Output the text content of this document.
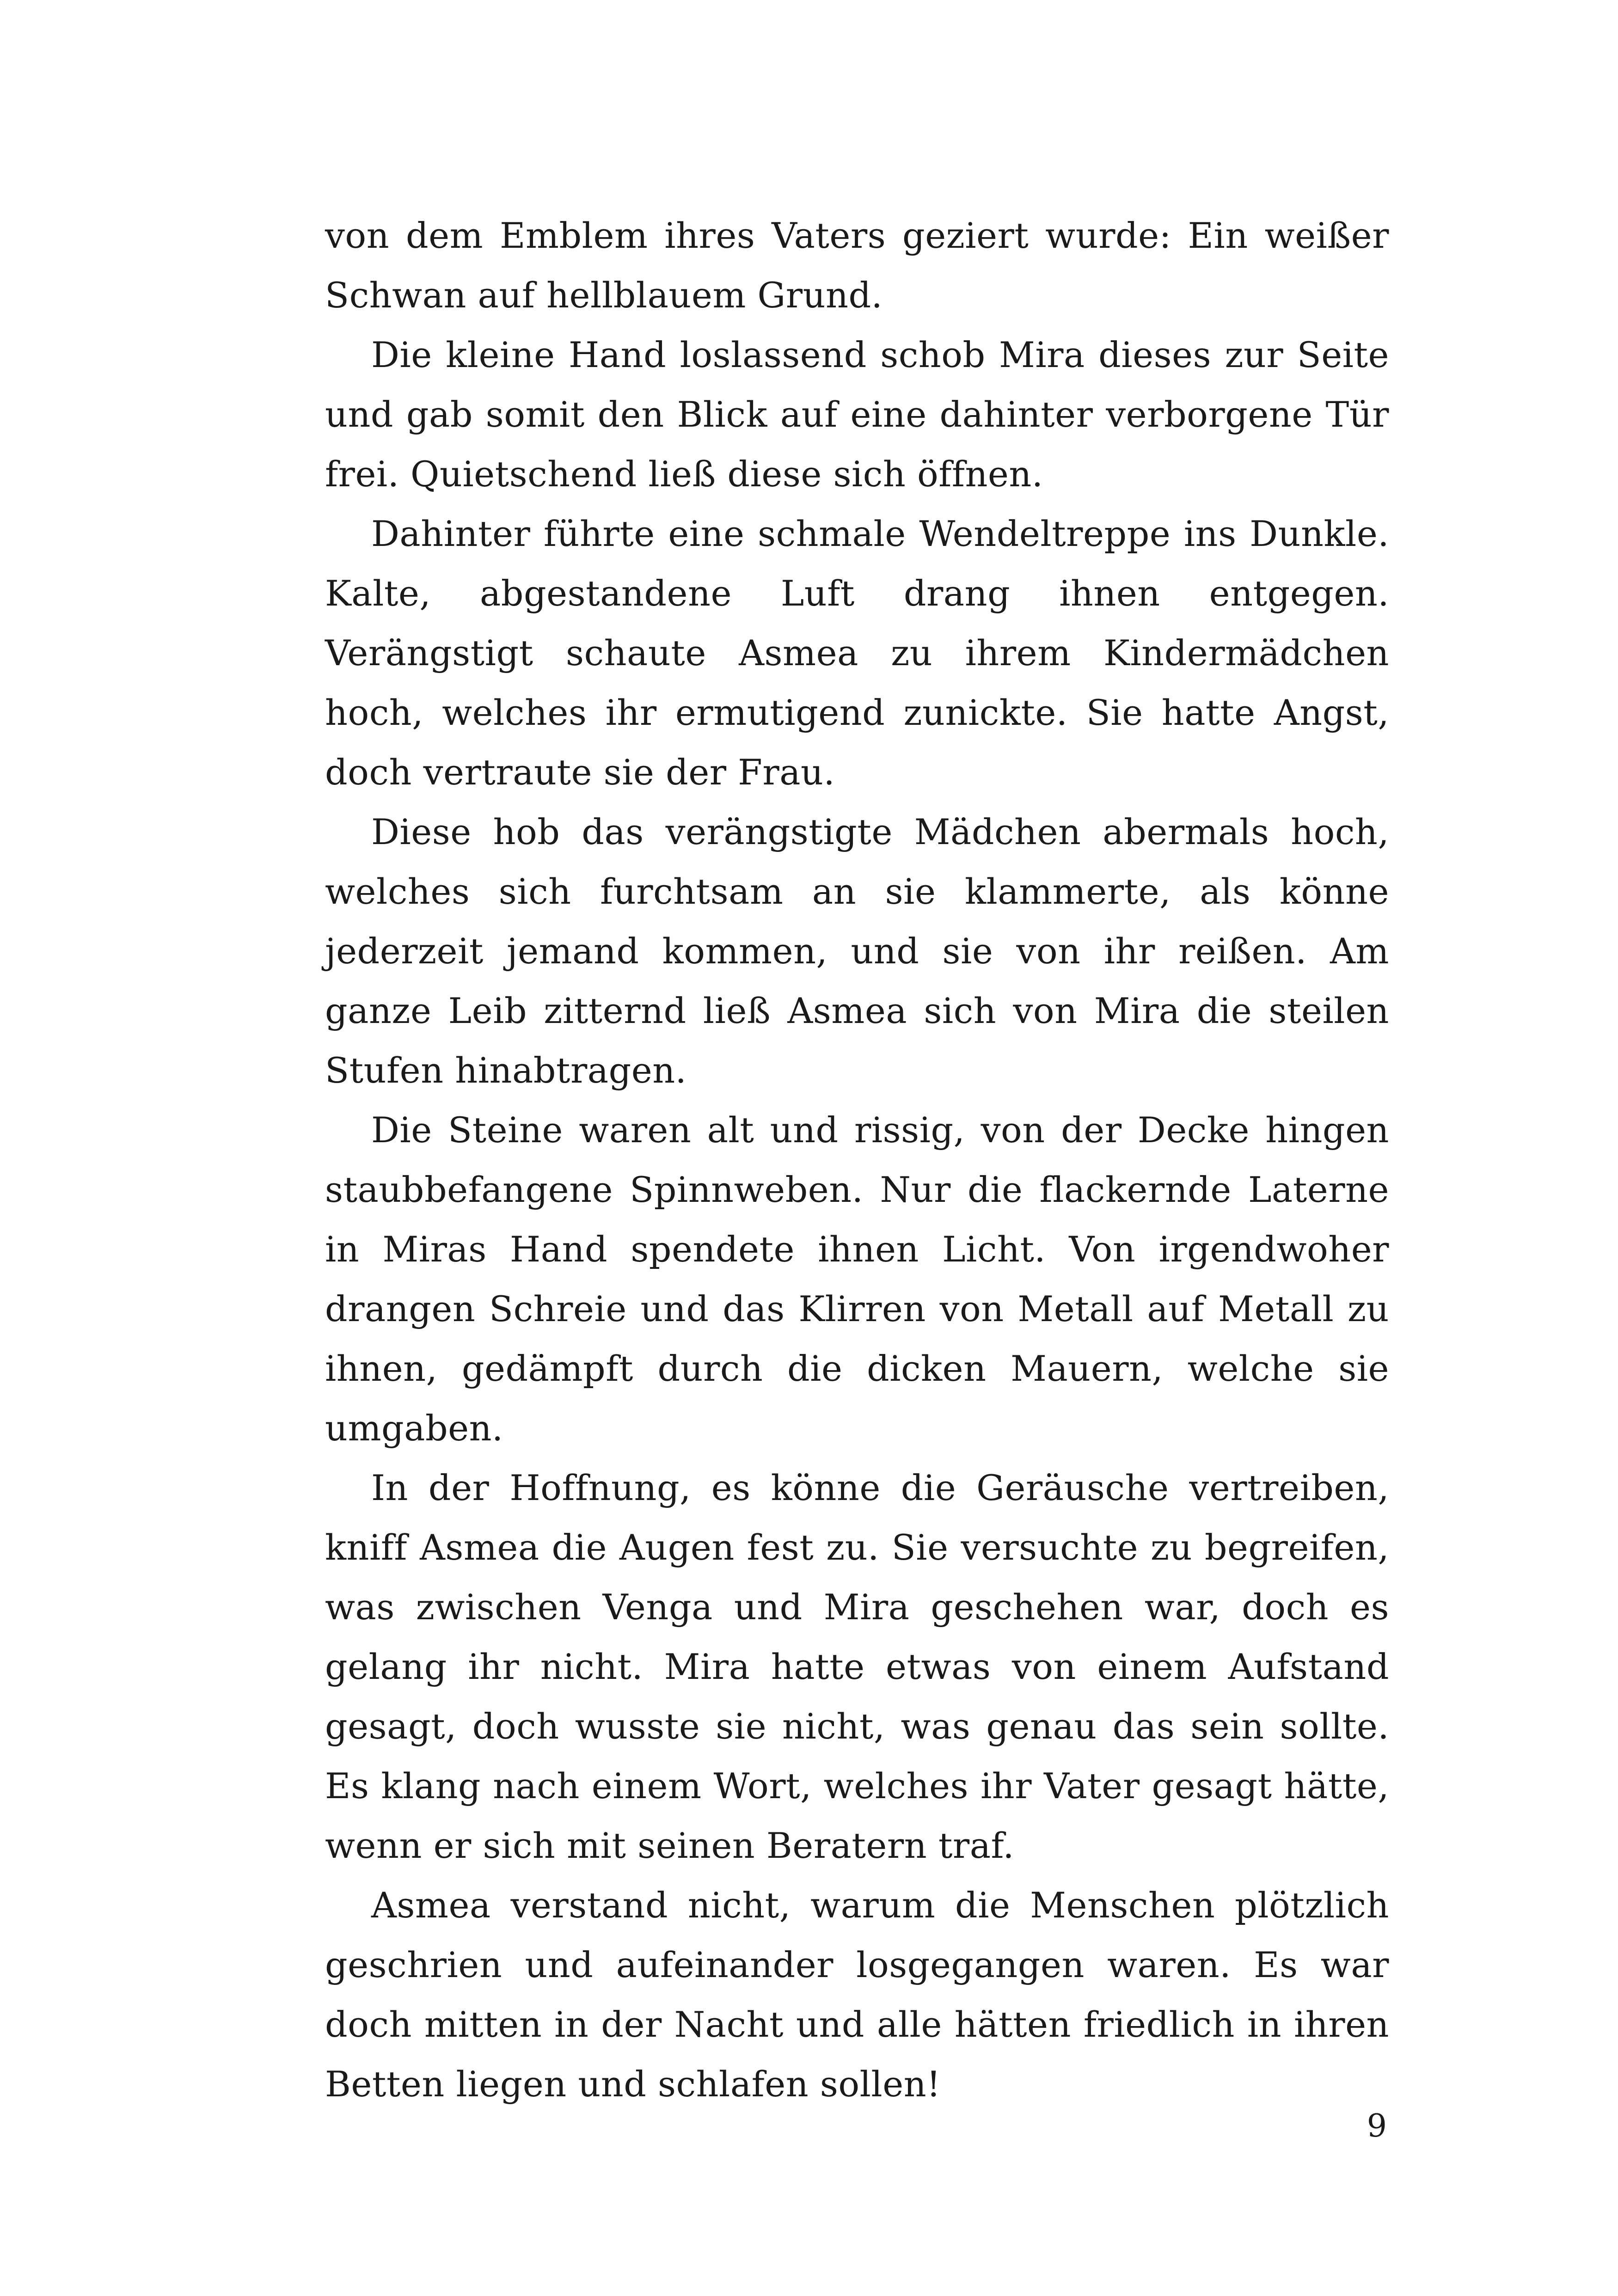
von dem Emblem ihres Vaters geziert wurde: Ein weißer Schwan auf hellblauem Grund.

Die kleine Hand loslassend schob Mira dieses zur Seite und gab somit den Blick auf eine dahinter verborgene Tür frei. Quietschend ließ diese sich öffnen.

Dahinter führte eine schmale Wendeltreppe ins Dunkle. Kalte, abgestandene Luft drang ihnen entgegen. Verängstigt schaute Asmea zu ihrem Kindermädchen hoch, welches ihr ermutigend zunickte. Sie hatte Angst, doch vertraute sie der Frau.

Diese hob das verängstigte Mädchen abermals hoch, welches sich furchtsam an sie klammerte, als könne jederzeit jemand kommen, und sie von ihr reißen. Am ganze Leib zitternd ließ Asmea sich von Mira die steilen Stufen hinabtragen.

Die Steine waren alt und rissig, von der Decke hingen staubbefangene Spinnweben. Nur die flackernde Laterne in Miras Hand spendete ihnen Licht. Von irgendwoher drangen Schreie und das Klirren von Metall auf Metall zu ihnen, gedämpft durch die dicken Mauern, welche sie umgaben.

In der Hoffnung, es könne die Geräusche vertreiben, kniff Asmea die Augen fest zu. Sie versuchte zu begreifen, was zwischen Venga und Mira geschehen war, doch es gelang ihr nicht. Mira hatte etwas von einem Aufstand gesagt, doch wusste sie nicht, was genau das sein sollte. Es klang nach einem Wort, welches ihr Vater gesagt hätte, wenn er sich mit seinen Beratern traf.

Asmea verstand nicht, warum die Menschen plötzlich geschrien und aufeinander losgegangen waren. Es war doch mitten in der Nacht und alle hätten friedlich in ihren Betten liegen und schlafen sollen!

9
